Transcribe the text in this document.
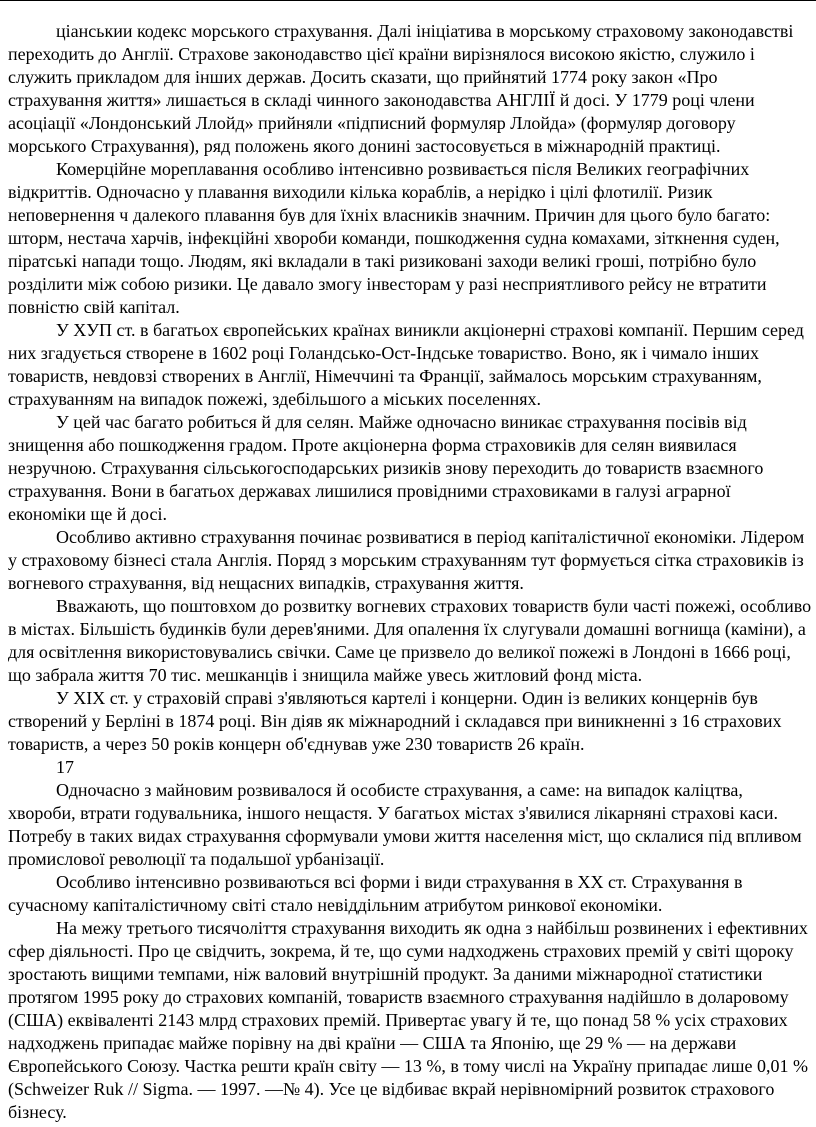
ціанськии кодекс морського страхування. Далі ініціатива в морському страховому законодавстві переходить до Англії. Страхове законодавство цієї країни вирізнялося високою якістю, служило і служить прикладом для інших держав. Досить сказати, що прийнятий 1774 року закон «Про страхування життя» лишається в складі чинного законодавства АНГЛІЇ й досі. У 1779 році члени асоціації «Лондонський Ллойд» прийняли «підписний формуляр Ллойда» (формуляр договору морського Страхування), ряд положень якого донині застосовується в міжнародній практиці.

Комерційне мореплавання особливо інтенсивно розвивається після Великих географічних відкриттів. Одночасно у плавання виходили кілька кораблів, а нерідко і цілі флотилії. Ризик неповернення ч далекого плавання був для їхніх власників значним. Причин для цього було багато: шторм, нестача харчів, інфекційні хвороби команди, пошкодження судна комахами, зіткнення суден, піратські напади тощо. Людям, які вкладали в такі ризиковані заходи великі гроші, потрібно було розділити між собою ризики. Це давало змогу інвесторам у разі несприятливого рейсу не втратити повністю свій капітал.

У ХУП ст. в багатьох європейських країнах виникли акціонерні страхові компанії. Першим серед них згадується створене в 1602 році Голандсько-Ост-Індське товариство. Воно, як і чимало інших товариств, невдовзі створених в Англії, Німеччині та Франції, займалось морським страхуванням, страхуванням на випадок пожежі, здебільшого а міських поселеннях.

У цей час багато робиться й для селян. Майже одночасно виникає страхування посівів від знищення або пошкодження градом. Проте акціонерна форма страховиків для селян виявилася незручною. Страхування сільськогосподарських ризиків знову переходить до товариств взаємного страхування. Вони в багатьох державах лишилися провідними страховиками в галузі аграрної економіки ще й досі.

Особливо активно страхування починає розвиватися в період капіталістичної економіки. Лідером у страховому бізнесі стала Англія. Поряд з морським страхуванням тут формується сітка страховиків із вогневого страхування, від нещасних випадків, страхування життя.

Вважають, що поштовхом до розвитку вогневих страхових товариств були часті пожежі, особливо в містах. Більшість будинків були дерев'яними. Для опалення їх слугували домашні вогнища (каміни), а для освітлення використовувались свічки. Саме це призвело до великої пожежі в Лондоні в 1666 році, що забрала життя 70 тис. мешканців і знищила майже увесь житловий фонд міста.

У XIX ст. у страховій справі з'являються картелі і концерни. Один із великих концернів був створений у Берліні в 1874 році. Він діяв як міжнародний і складався при виникненні з 16 страхових товариств, а через 50 років концерн об'єднував уже 230 товариств 26 країн.

17

Одночасно з майновим розвивалося й особисте страхування, а саме: на випадок каліцтва, хвороби, втрати годувальника, іншого нещастя. У багатьох містах з'явилися лікарняні страхові каси. Потребу в таких видах страхування сформували умови життя населення міст, що склалися під впливом промислової революції та подальшої урбанізації.

Особливо інтенсивно розвиваються всі форми і види страхування в XX ст. Страхування в сучасному капіталістичному світі стало невіддільним атрибутом ринкової економіки.

На межу третього тисячоліття страхування виходить як одна з найбільш розвинених і ефективних сфер діяльності. Про це свідчить, зокрема, й те, що суми надходжень страхових премій у світі щороку зростають вищими темпами, ніж валовий внутрішній продукт. За даними міжнародної статистики протягом 1995 року до страхових компаній, товариств взаємного страхування надійшло в доларовому (США) еквіваленті 2143 млрд страхових премій. Привертає увагу й те, що понад 58 % усіх страхових надходжень припадає майже порівну на дві країни — США та Японію, ще 29 % — на держави Європейського Союзу. Частка решти країн світу — 13 %, в тому числі на Україну припадає лише 0,01 % (Schweizer Ruk // Sigma. — 1997. —№ 4). Усе це відбиває вкрай нерівномірний розвиток страхового бізнесу.
